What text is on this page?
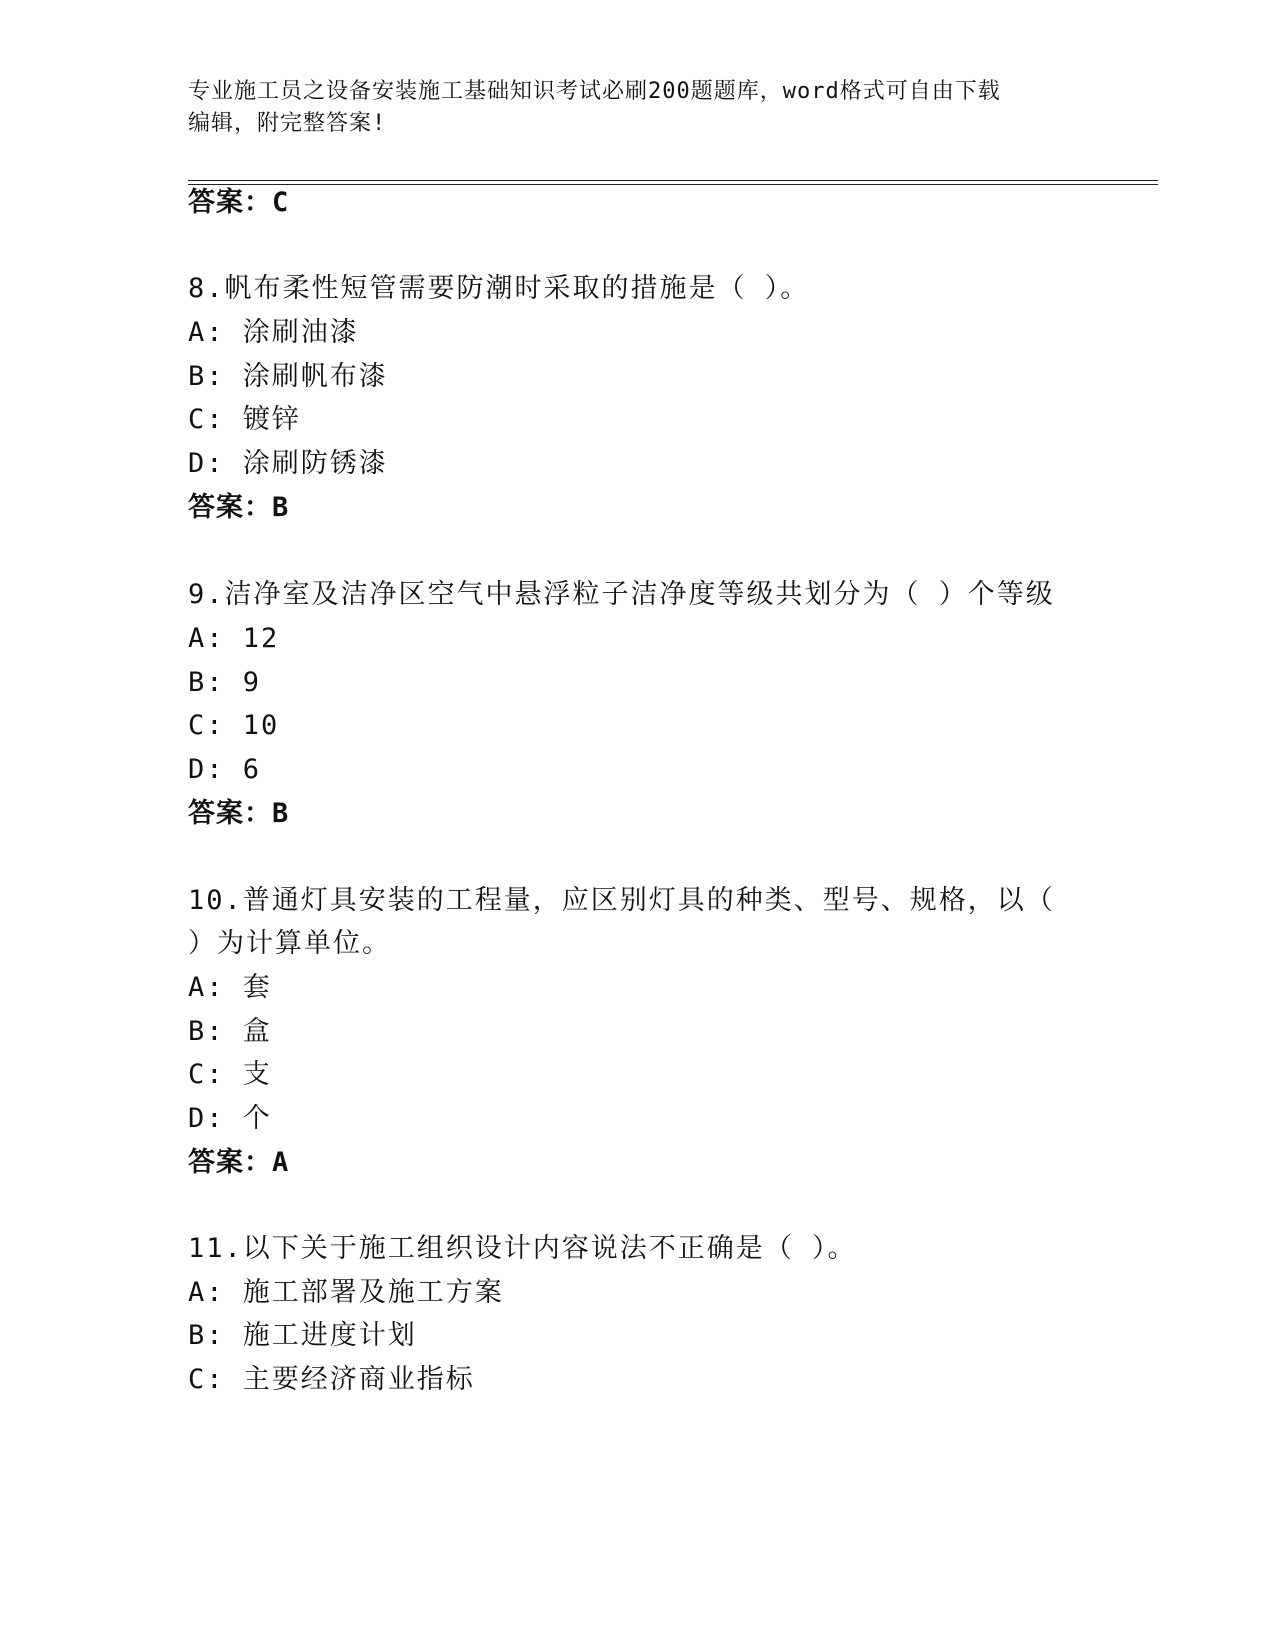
专业施工员之设备安装施工基础知识考试必刷200题题库，word格式可自由下载
编辑，附完整答案!
答案：C
8.帆布柔性短管需要防潮时采取的措施是（ ）。
A: 涂刷油漆
B: 涂刷帆布漆
C: 镀锌
D: 涂刷防锈漆
答案：B
9.洁净室及洁净区空气中悬浮粒子洁净度等级共划分为（ ）个等级
A: 12
B: 9
C: 10
D: 6
答案：B
10.普通灯具安装的工程量，应区别灯具的种类、型号、规格，以（
）为计算单位。
A: 套
B: 盒
C: 支
D: 个
答案：A
11.以下关于施工组织设计内容说法不正确是（ ）。
A: 施工部署及施工方案
B: 施工进度计划
C: 主要经济商业指标
